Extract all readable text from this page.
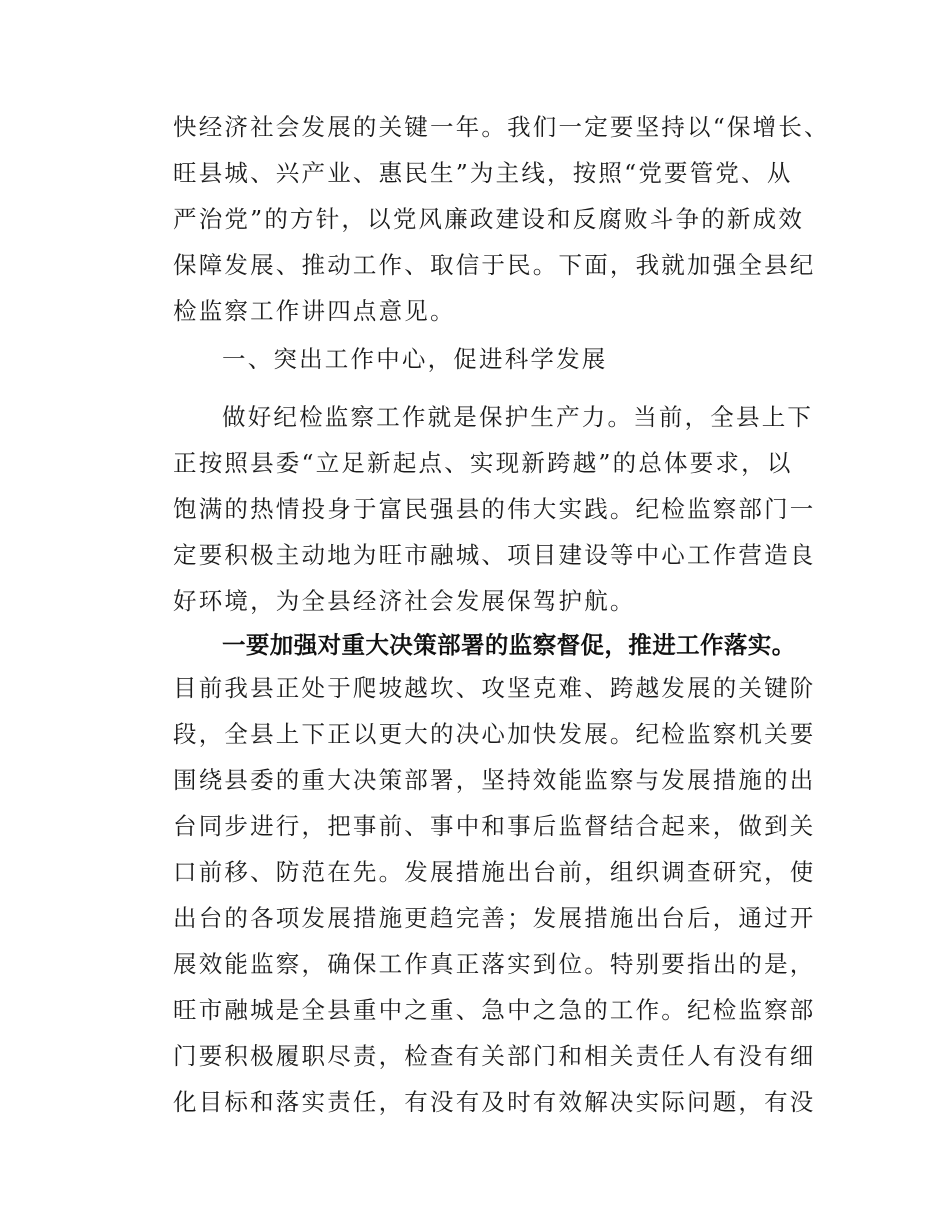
快经济社会发展的关键一年。我们一定要坚持以“保增长、
旺县城、兴产业、惠民生”为主线，按照“党要管党、从
严治党”的方针，以党风廉政建设和反腐败斗争的新成效
保障发展、推动工作、取信于民。下面，我就加强全县纪
检监察工作讲四点意见。
一、突出工作中心，促进科学发展
做好纪检监察工作就是保护生产力。当前，全县上下
正按照县委“立足新起点、实现新跨越”的总体要求，以
饱满的热情投身于富民强县的伟大实践。纪检监察部门一
定要积极主动地为旺市融城、项目建设等中心工作营造良
好环境，为全县经济社会发展保驾护航。
一要加强对重大决策部署的监察督促，推进工作落实。
目前我县正处于爬坡越坎、攻坚克难、跨越发展的关键阶
段，全县上下正以更大的决心加快发展。纪检监察机关要
围绕县委的重大决策部署，坚持效能监察与发展措施的出
台同步进行，把事前、事中和事后监督结合起来，做到关
口前移、防范在先。发展措施出台前，组织调查研究，使
出台的各项发展措施更趋完善；发展措施出台后，通过开
展效能监察，确保工作真正落实到位。特别要指出的是，
旺市融城是全县重中之重、急中之急的工作。纪检监察部
门要积极履职尽责，检查有关部门和相关责任人有没有细
化目标和落实责任，有没有及时有效解决实际问题，有没
